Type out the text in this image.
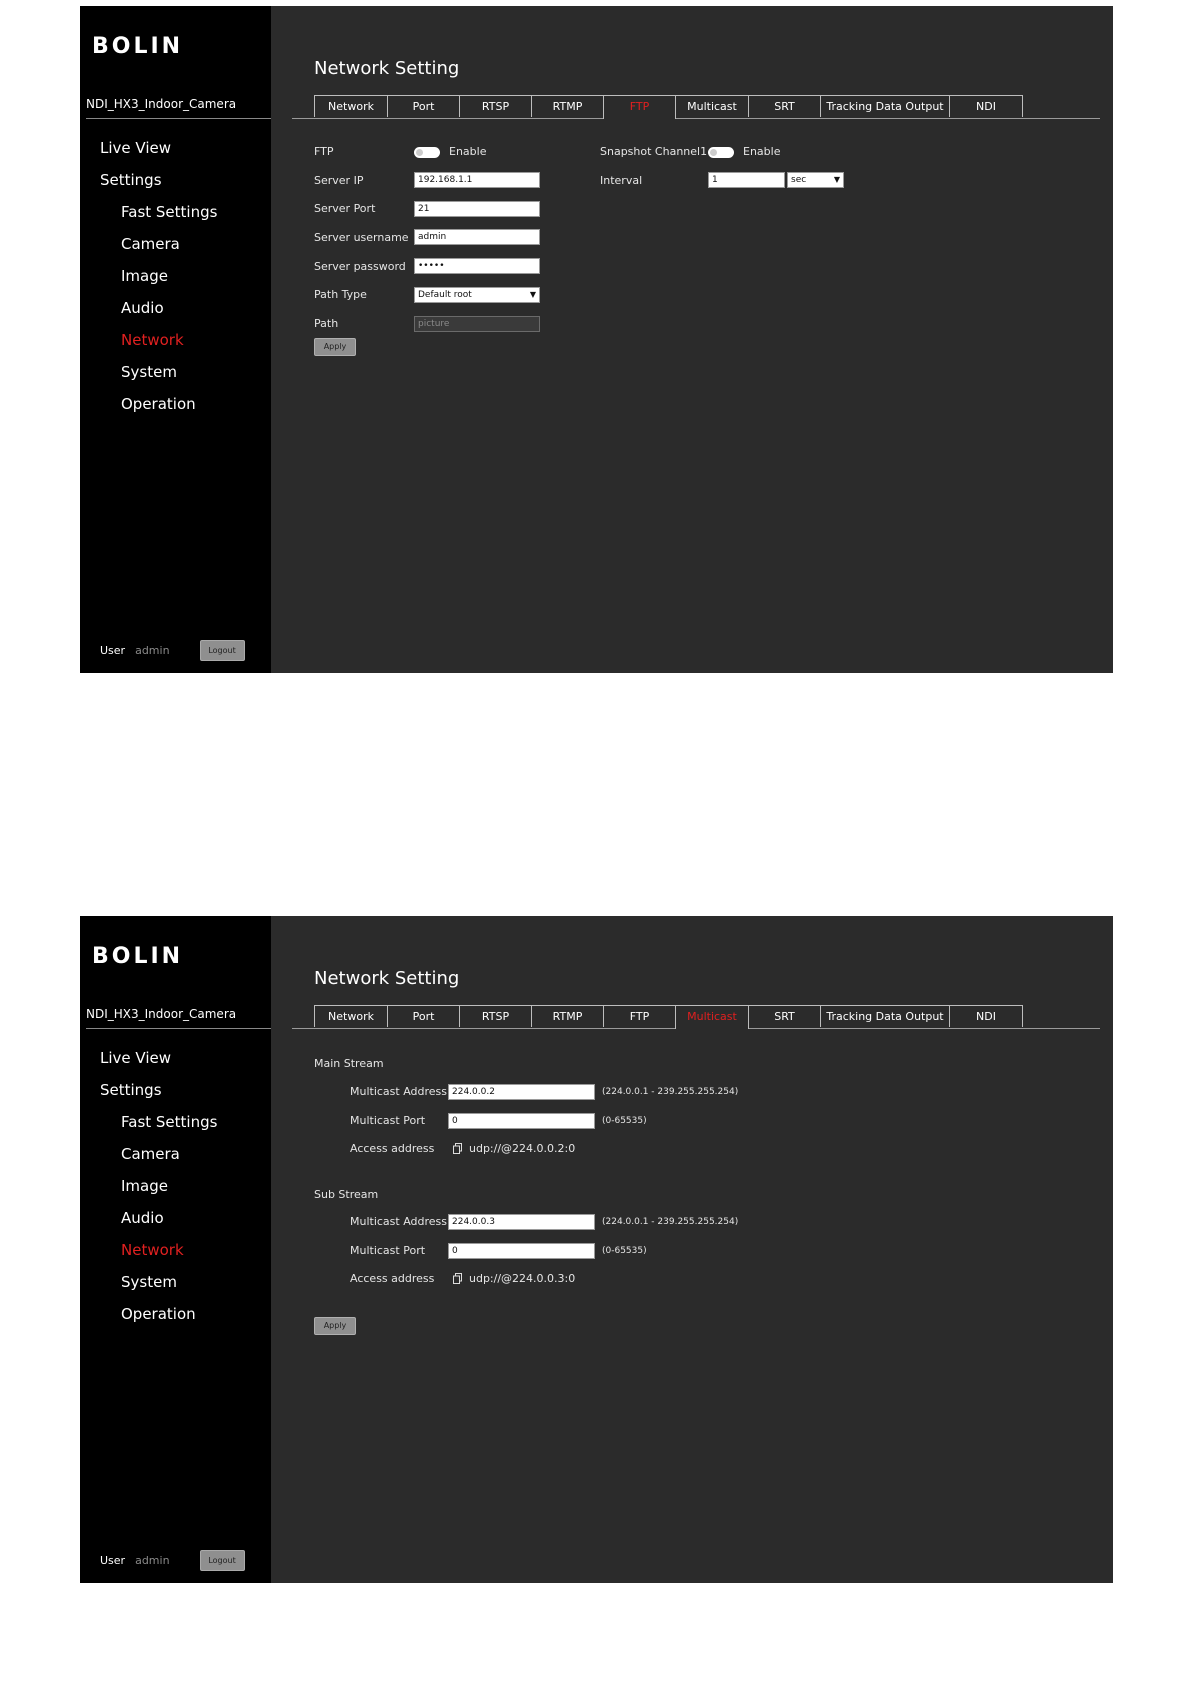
BOLIN
NDI_HX3_Indoor_Camera
Live View
Settings
Fast Settings
Camera
Image
Audio
Network
System
Operation
User admin	Logout
Network Setting
Network	Port	RTSP	RTMP	FTP	Multicast	SRT	Tracking Data Output	NDI
FTP	Enable
Server IP	192.168.1.1
Server Port	21
Server username	admin
Server password	•••••
Path Type	Default root	▼
Path	picture
Apply
Snapshot Channel1	Enable
Interval	1	sec	▼
BOLIN
NDI_HX3_Indoor_Camera
Live View
Settings
Fast Settings
Camera
Image
Audio
Network
System
Operation
User admin	Logout
Network Setting
Network	Port	RTSP	RTMP	FTP	Multicast	SRT	Tracking Data Output	NDI
Main Stream
Multicast Address 224.0.0.2	(224.0.0.1 - 239.255.255.254)
Multicast Port	0	(0-65535)
Access address	udp://@224.0.0.2:0
Sub Stream
Multicast Address 224.0.0.3	(224.0.0.1 - 239.255.255.254)
Multicast Port	0	(0-65535)
Access address	udp://@224.0.0.3:0
Apply
